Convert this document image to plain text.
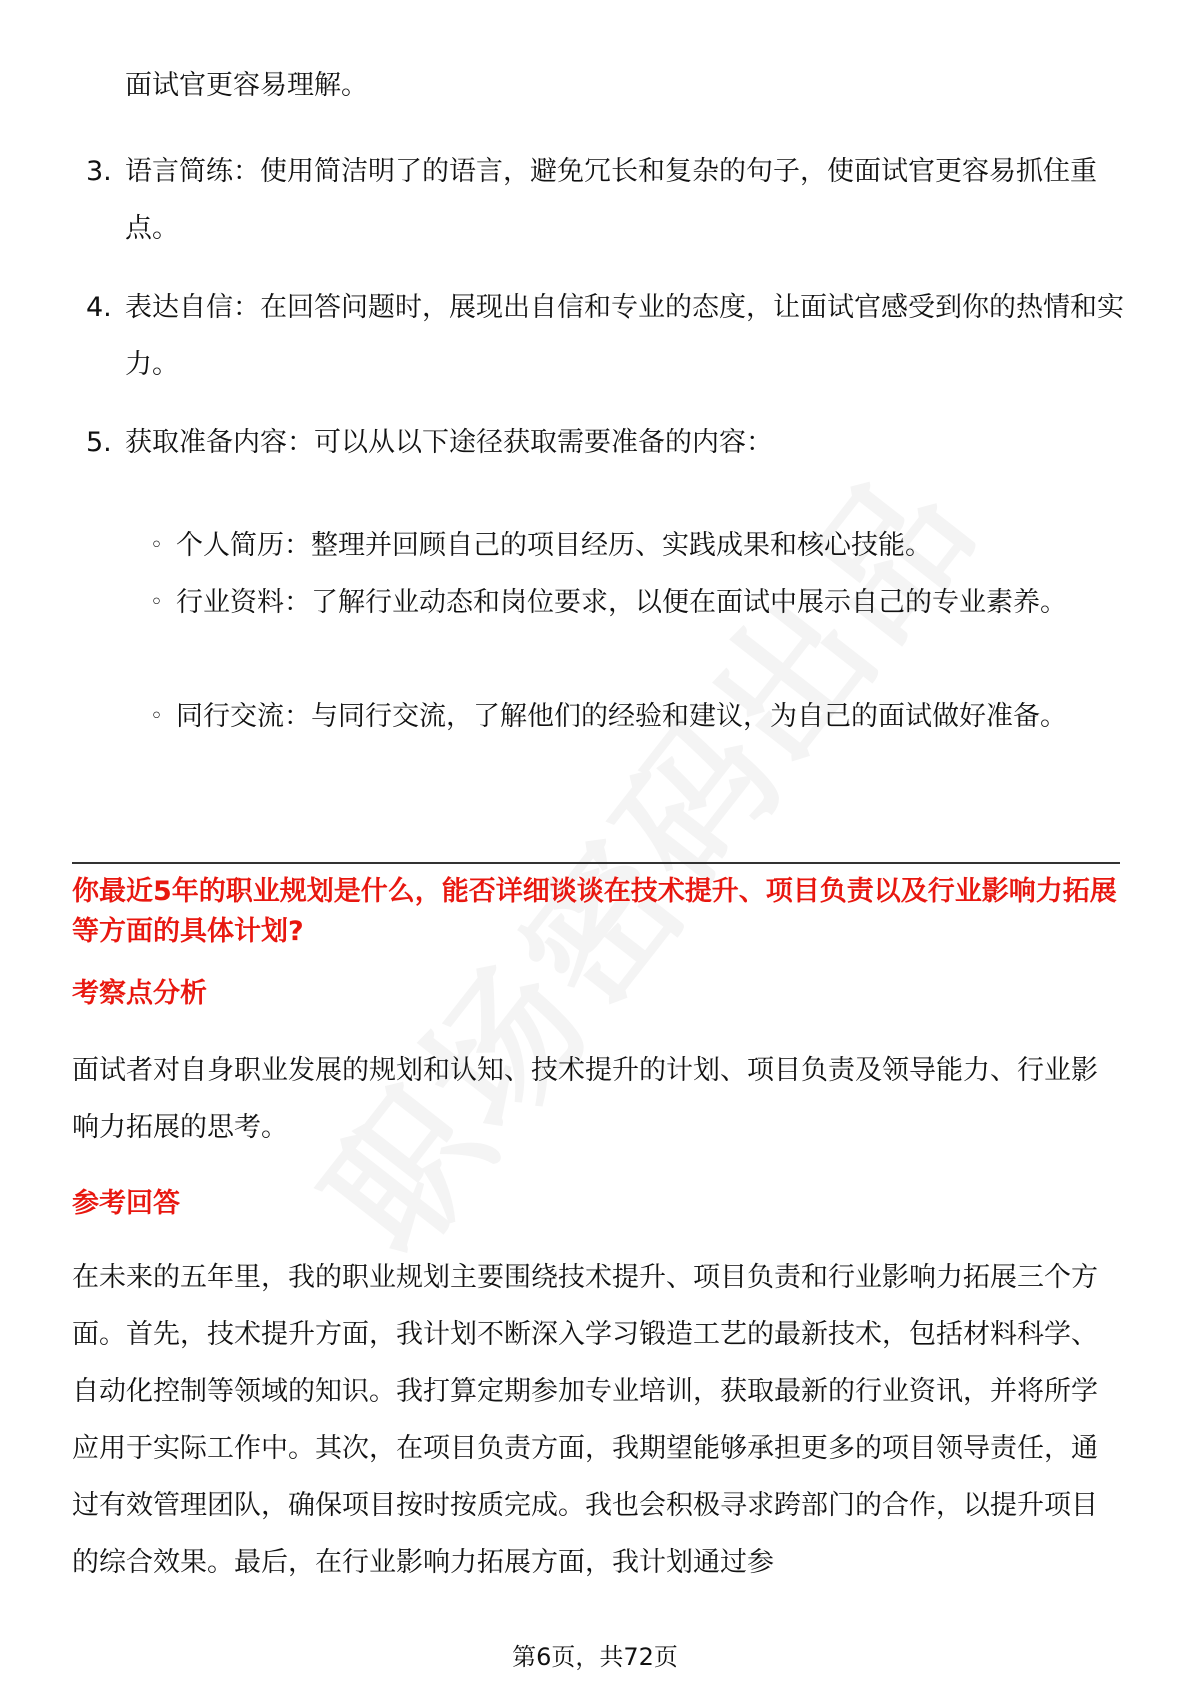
面试官更容易理解。
3. 语言简练：使用简洁明了的语言，避免冗长和复杂的句子，使面试官更容易抓住重点。
4. 表达自信：在回答问题时，展现出自信和专业的态度，让面试官感受到你的热情和实力。
5. 获取准备内容：可以从以下途径获取需要准备的内容：
◦ 个人简历：整理并回顾自己的项目经历、实践成果和核心技能。
◦ 行业资料：了解行业动态和岗位要求，以便在面试中展示自己的专业素养。
◦ 同行交流：与同行交流，了解他们的经验和建议，为自己的面试做好准备。
你最近5年的职业规划是什么，能否详细谈谈在技术提升、项目负责以及行业影响力拓展等方面的具体计划?
考察点分析
面试者对自身职业发展的规划和认知、技术提升的计划、项目负责及领导能力、行业影响力拓展的思考。
参考回答
在未来的五年里，我的职业规划主要围绕技术提升、项目负责和行业影响力拓展三个方面。首先，技术提升方面，我计划不断深入学习锻造工艺的最新技术，包括材料科学、自动化控制等领域的知识。我打算定期参加专业培训，获取最新的行业资讯，并将所学应用于实际工作中。其次，在项目负责方面，我期望能够承担更多的项目领导责任，通过有效管理团队，确保项目按时按质完成。我也会积极寻求跨部门的合作，以提升项目的综合效果。最后，在行业影响力拓展方面，我计划通过参
第6页，共72页
